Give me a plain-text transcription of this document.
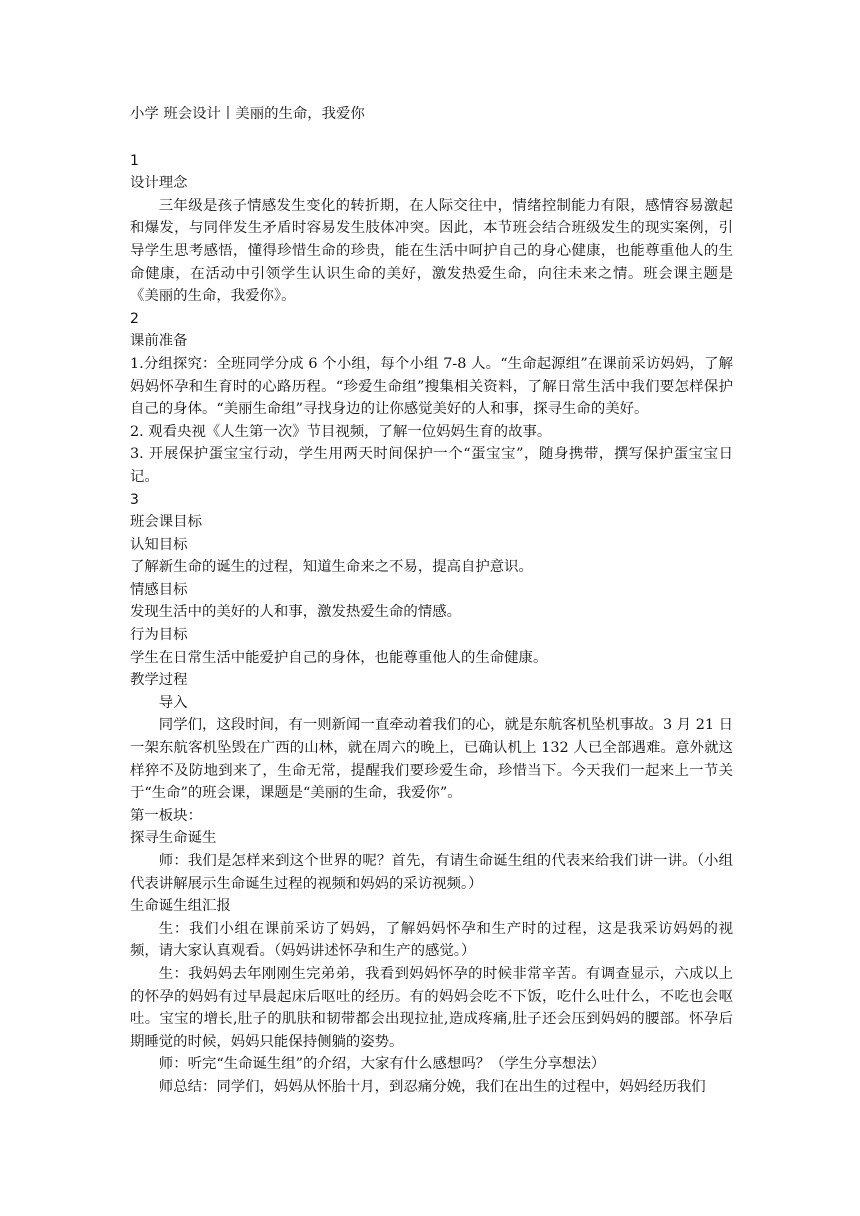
小学 班会设计丨美丽的生命，我爱你

1

设计理念

三年级是孩子情感发生变化的转折期，在人际交往中，情绪控制能力有限，感情容易激起和爆发，与同伴发生矛盾时容易发生肢体冲突。因此，本节班会结合班级发生的现实案例，引导学生思考感悟，懂得珍惜生命的珍贵，能在生活中呵护自己的身心健康，也能尊重他人的生命健康，在活动中引领学生认识生命的美好，激发热爱生命，向往未来之情。班会课主题是《美丽的生命，我爱你》。

2

课前准备

1.分组探究：全班同学分成 6 个小组，每个小组 7-8 人。“生命起源组”在课前采访妈妈，了解妈妈怀孕和生育时的心路历程。“珍爱生命组”搜集相关资料，了解日常生活中我们要怎样保护自己的身体。“美丽生命组”寻找身边的让你感觉美好的人和事，探寻生命的美好。

2. 观看央视《人生第一次》节目视频，了解一位妈妈生育的故事。

3. 开展保护蛋宝宝行动，学生用两天时间保护一个“蛋宝宝”，随身携带，撰写保护蛋宝宝日记。

3

班会课目标

认知目标

了解新生命的诞生的过程，知道生命来之不易，提高自护意识。

情感目标

发现生活中的美好的人和事，激发热爱生命的情感。

行为目标

学生在日常生活中能爱护自己的身体，也能尊重他人的生命健康。

教学过程

导入

同学们，这段时间，有一则新闻一直牵动着我们的心，就是东航客机坠机事故。3 月 21 日一架东航客机坠毁在广西的山林，就在周六的晚上，已确认机上 132 人已全部遇难。意外就这样猝不及防地到来了，生命无常，提醒我们要珍爱生命，珍惜当下。今天我们一起来上一节关于“生命”的班会课，课题是“美丽的生命，我爱你”。

第一板块：

探寻生命诞生

师：我们是怎样来到这个世界的呢？首先，有请生命诞生组的代表来给我们讲一讲。（小组代表讲解展示生命诞生过程的视频和妈妈的采访视频。）

生命诞生组汇报

生：我们小组在课前采访了妈妈，了解妈妈怀孕和生产时的过程，这是我采访妈妈的视频，请大家认真观看。（妈妈讲述怀孕和生产的感觉。）

生：我妈妈去年刚刚生完弟弟，我看到妈妈怀孕的时候非常辛苦。有调查显示，六成以上的怀孕的妈妈有过早晨起床后呕吐的经历。有的妈妈会吃不下饭，吃什么吐什么，不吃也会呕吐。宝宝的增长,肚子的肌肤和韧带都会出现拉扯,造成疼痛,肚子还会压到妈妈的腰部。怀孕后期睡觉的时候，妈妈只能保持侧躺的姿势。

师：听完“生命诞生组”的介绍，大家有什么感想吗？（学生分享想法）

师总结：同学们，妈妈从怀胎十月，到忍痛分娩，我们在出生的过程中，妈妈经历我们
